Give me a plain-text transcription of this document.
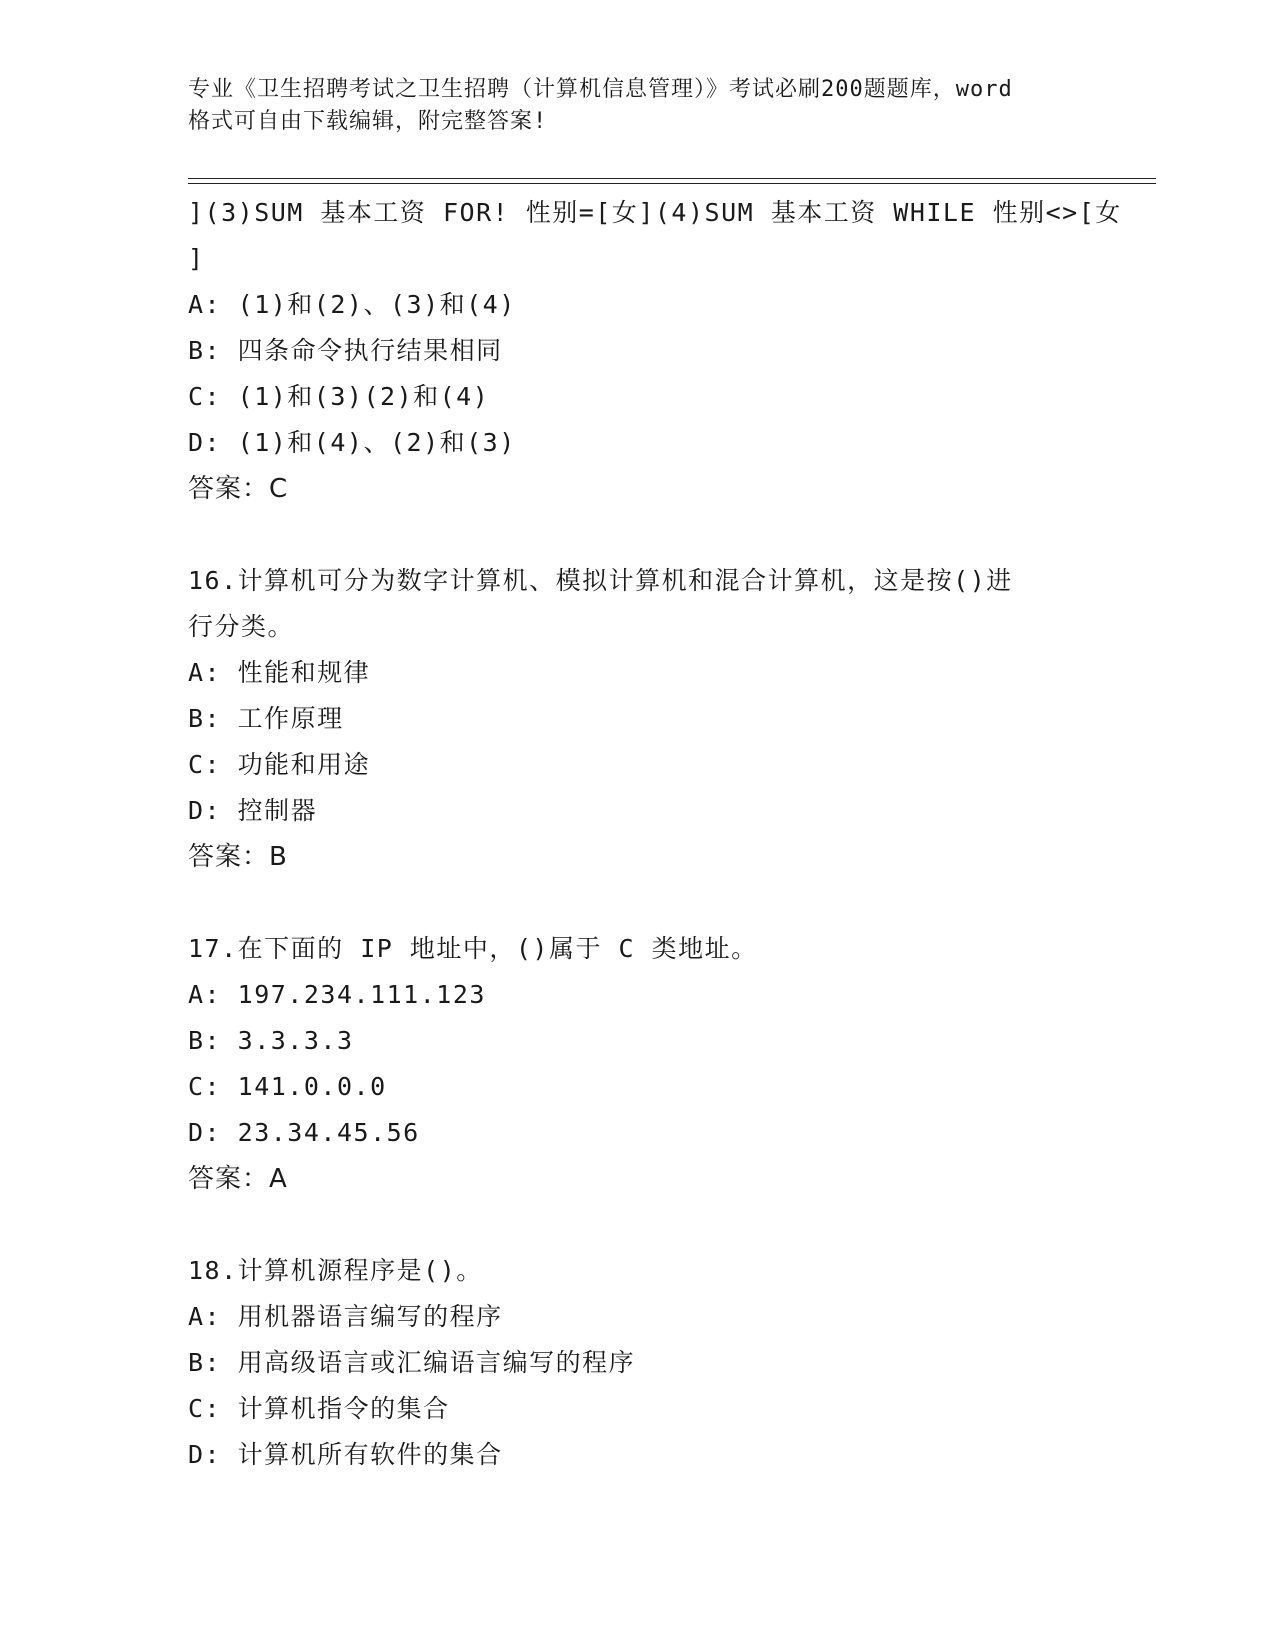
专业《卫生招聘考试之卫生招聘（计算机信息管理）》考试必刷200题题库，word
格式可自由下载编辑，附完整答案!
](3)SUM 基本工资 FOR! 性别=[女](4)SUM 基本工资 WHILE 性别<>[女
]
A: (1)和(2)、(3)和(4)
B: 四条命令执行结果相同
C: (1)和(3)(2)和(4)
D: (1)和(4)、(2)和(3)
答案：C
16.计算机可分为数字计算机、模拟计算机和混合计算机，这是按()进
行分类。
A: 性能和规律
B: 工作原理
C: 功能和用途
D: 控制器
答案：B
17.在下面的 IP 地址中，()属于 C 类地址。
A: 197.234.111.123
B: 3.3.3.3
C: 141.0.0.0
D: 23.34.45.56
答案：A
18.计算机源程序是()。
A: 用机器语言编写的程序
B: 用高级语言或汇编语言编写的程序
C: 计算机指令的集合
D: 计算机所有软件的集合
